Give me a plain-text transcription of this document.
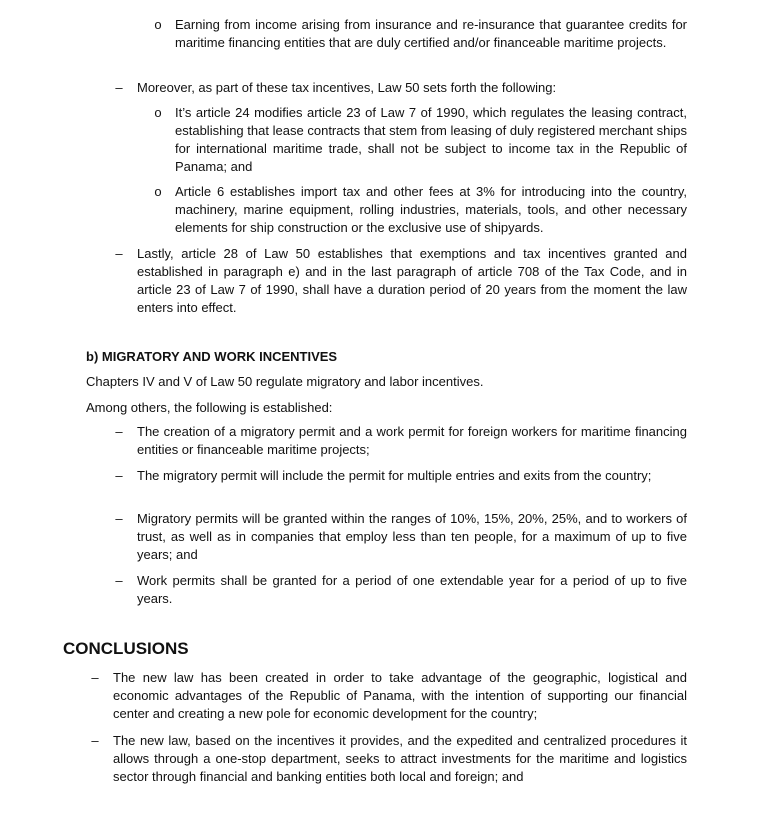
o	Earning from income arising from insurance and re-insurance that guarantee credits for maritime financing entities that are duly certified and/or financeable maritime projects.
–	Moreover, as part of these tax incentives, Law 50 sets forth the following:
o	It’s article 24 modifies article 23 of Law 7 of 1990, which regulates the leasing contract, establishing that lease contracts that stem from leasing of duly registered merchant ships for international maritime trade, shall not be subject to income tax in the Republic of Panama; and
o	Article 6 establishes import tax and other fees at 3% for introducing into the country, machinery, marine equipment, rolling industries, materials, tools, and other necessary elements for ship construction or the exclusive use of shipyards.
–	Lastly, article 28 of Law 50 establishes that exemptions and tax incentives granted and established in paragraph e) and in the last paragraph of article 708 of the Tax Code, and in article 23 of Law 7 of 1990, shall have a duration period of 20 years from the moment the law enters into effect.
b) MIGRATORY AND WORK INCENTIVES
Chapters IV and V of Law 50 regulate migratory and labor incentives.
Among others, the following is established:
–	The creation of a migratory permit and a work permit for foreign workers for maritime financing entities or financeable maritime projects;
–	The migratory permit will include the permit for multiple entries and exits from the country;
–	Migratory permits will be granted within the ranges of 10%, 15%, 20%, 25%, and to workers of trust, as well as in companies that employ less than ten people, for a maximum of up to five years; and
–	Work permits shall be granted for a period of one extendable year for a period of up to five years.
CONCLUSIONS
–	The new law has been created in order to take advantage of the geographic, logistical and economic advantages of the Republic of Panama, with the intention of supporting our financial center and creating a new pole for economic development for the country;
–	The new law, based on the incentives it provides, and the expedited and centralized procedures it allows through a one-stop department, seeks to attract investments for the maritime and logistics sector through financial and banking entities both local and foreign; and
